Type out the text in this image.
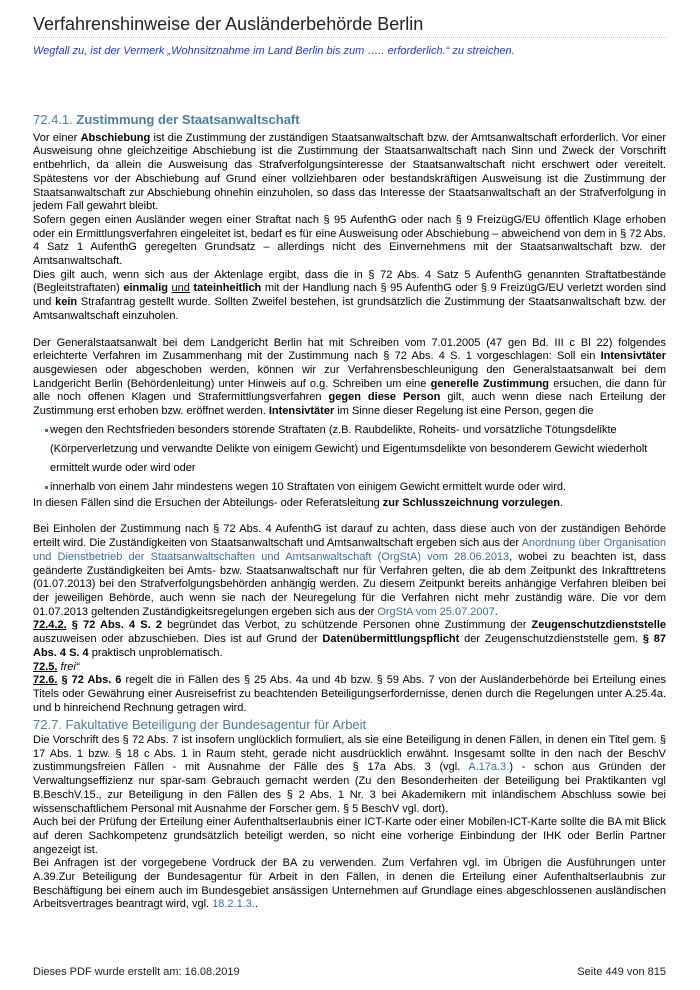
Verfahrenshinweise der Ausländerbehörde Berlin
Wegfall zu, ist der Vermerk „Wohnsitznahme im Land Berlin bis zum ….. erforderlich.“ zu streichen.

72.4.1. Zustimmung der Staatsanwaltschaft

Vor einer Abschiebung ist die Zustimmung der zuständigen Staatsanwaltschaft bzw. der Amtsanwaltschaft erforderlich. Vor einer Ausweisung ohne gleichzeitige Abschiebung ist die Zustimmung der Staatsanwaltschaft nach Sinn und Zweck der Vorschrift entbehrlich, da allein die Ausweisung das Strafverfolgungsinteresse der Staatsanwaltschaft nicht erschwert oder vereitelt. Spätestens vor der Abschiebung auf Grund einer vollziehbaren oder bestandskräftigen Ausweisung ist die Zustimmung der Staatsanwaltschaft zur Abschiebung ohnehin einzuholen, so dass das Interesse der Staatsanwaltschaft an der Strafverfolgung in jedem Fall gewahrt bleibt.

Sofern gegen einen Ausländer wegen einer Straftat nach § 95 AufenthG oder nach § 9 FreizügG/EU öffentlich Klage erhoben oder ein Ermittlungsverfahren eingeleitet ist, bedarf es für eine Ausweisung oder Abschiebung – abweichend von dem in § 72 Abs. 4 Satz 1 AufenthG geregelten Grundsatz – allerdings nicht des Einvernehmens mit der Staatsanwaltschaft bzw. der Amtsanwaltschaft.

Dies gilt auch, wenn sich aus der Aktenlage ergibt, dass die in § 72 Abs. 4 Satz 5 AufenthG genannten Straftatbestände (Begleitstraftaten) einmalig und tateinheitlich mit der Handlung nach § 95 AufenthG oder § 9 FreizügG/EU verletzt worden sind und kein Strafantrag gestellt wurde. Sollten Zweifel bestehen, ist grundsätzlich die Zustimmung der Staatsanwaltschaft bzw. der Amtsanwaltschaft einzuholen.

Der Generalstaatsanwalt bei dem Landgericht Berlin hat mit Schreiben vom 7.01.2005 (47 gen Bd. III c Bl 22) folgendes erleichterte Verfahren im Zusammenhang mit der Zustimmung nach § 72 Abs. 4 S. 1 vorgeschlagen: Soll ein Intensivtäter ausgewiesen oder abgeschoben werden, können wir zur Verfahrensbeschleunigung den Generalstaatsanwalt bei dem Landgericht Berlin (Behördenleitung) unter Hinweis auf o.g. Schreiben um eine generelle Zustimmung ersuchen, die dann für alle noch offenen Klagen und Strafermittlungsverfahren gegen diese Person gilt, auch wenn diese nach Erteilung der Zustimmung erst erhoben bzw. eröffnet werden. Intensivtäter im Sinne dieser Regelung ist eine Person, gegen die

wegen den Rechtsfrieden besonders störende Straftaten (z.B. Raubdelikte, Roheits- und vorsätzliche Tötungsdelikte (Körperverletzung und verwandte Delikte von einigem Gewicht) und Eigentumsdelikte von besonderem Gewicht wiederholt ermittelt wurde oder wird oder
innerhalb von einem Jahr mindestens wegen 10 Straftaten von einigem Gewicht ermittelt wurde oder wird.

In diesen Fällen sind die Ersuchen der Abteilungs- oder Referatsleitung zur Schlusszeichnung vorzulegen.

Bei Einholen der Zustimmung nach § 72 Abs. 4 AufenthG ist darauf zu achten, dass diese auch von der zuständigen Behörde erteilt wird. Die Zuständigkeiten von Staatsanwaltschaft und Amtsanwaltschaft ergeben sich aus der Anordnung über Organisation und Dienstbetrieb der Staatsanwaltschaften und Amtsanwaltschaft (OrgStA) vom 28.06.2013, wobei zu beachten ist, dass geänderte Zuständigkeiten bei Amts- bzw. Staatsanwaltschaft nur für Verfahren gelten, die ab dem Zeitpunkt des Inkrafttretens (01.07.2013) bei den Strafverfolgungsbehörden anhängig werden. Zu diesem Zeitpunkt bereits anhängige Verfahren bleiben bei der jeweiligen Behörde, auch wenn sie nach der Neuregelung für die Verfahren nicht mehr zuständig wäre. Die vor dem 01.07.2013 geltenden Zuständigkeitsregelungen ergeben sich aus der OrgStA vom 25.07.2007.

72.4.2. § 72 Abs. 4 S. 2 begründet das Verbot, zu schützende Personen ohne Zustimmung der Zeugenschutzdienststelle auszuweisen oder abzuschieben. Dies ist auf Grund der Datenübermittlungspflicht der Zeugenschutzdienststelle gem. § 87 Abs. 4 S. 4 praktisch unproblematisch.

72.5. frei“

72.6. § 72 Abs. 6 regelt die in Fällen des § 25 Abs. 4a und 4b bzw. § 59 Abs. 7 von der Ausländerbehörde bei Erteilung eines Titels oder Gewährung einer Ausreisefrist zu beachtenden Beteiligungserfordernisse, denen durch die Regelungen unter A.25.4a. und b hinreichend Rechnung getragen wird.

72.7. Fakultative Beteiligung der Bundesagentur für Arbeit

Die Vorschrift des § 72 Abs. 7 ist insofern unglücklich formuliert, als sie eine Beteiligung in denen Fällen, in denen ein Titel gem. § 17 Abs. 1 bzw. § 18 c Abs. 1 in Raum steht, gerade nicht ausdrücklich erwähnt. Insgesamt sollte in den nach der BeschV zustimmungsfreien Fällen - mit Ausnahme der Fälle des § 17a Abs. 3 (vgl. A.17a.3.) - schon aus Gründen der Verwaltungseffizienz nur spar-sam Gebrauch gemacht werden (Zu den Besonderheiten der Beteiligung bei Praktikanten vgl B.BeschV.15., zur Beteiligung in den Fällen des § 2 Abs. 1 Nr. 3 bei Akademikern mit inländischem Abschluss sowie bei wissenschaftlichem Personal mit Ausnahme der Forscher gem. § 5 BeschV vgl. dort).

Auch bei der Prüfung der Erteilung einer Aufenthaltserlaubnis einer ICT-Karte oder einer Mobilen-ICT-Karte sollte die BA mit Blick auf deren Sachkompetenz grundsätzlich beteiligt werden, so nicht eine vorherige Einbindung der IHK oder Berlin Partner angezeigt ist.

Bei Anfragen ist der vorgegebene Vordruck der BA zu verwenden. Zum Verfahren vgl. im Übrigen die Ausführungen unter A.39.Zur Beteiligung der Bundesagentur für Arbeit in den Fällen, in denen die Erteilung einer Aufenthaltserlaubnis zur Beschäftigung bei einem auch im Bundesgebiet ansässigen Unternehmen auf Grundlage eines abgeschlossenen ausländischen Arbeitsvertrages beantragt wird, vgl. 18.2.1.3..

Dieses PDF wurde erstellt am: 16.08.2019	Seite 449 von 815
